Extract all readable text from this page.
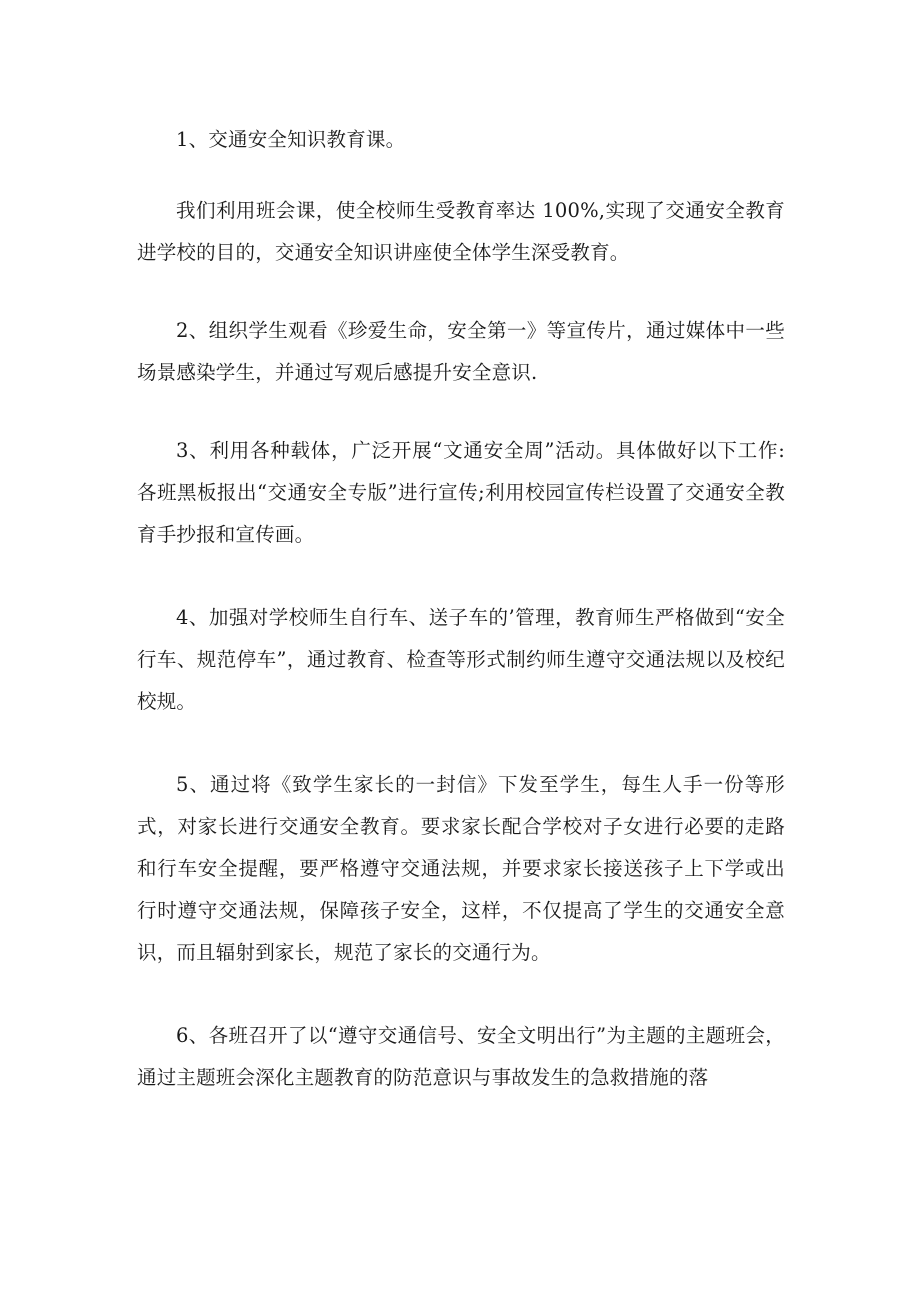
1、交通安全知识教育课。

我们利用班会课，使全校师生受教育率达 100%,实现了交通安全教育进学校的目的，交通安全知识讲座使全体学生深受教育。

2、组织学生观看《珍爱生命，安全第一》等宣传片，通过媒体中一些场景感染学生，并通过写观后感提升安全意识.

3、利用各种载体，广泛开展“文通安全周”活动。具体做好以下工作: 各班黑板报出“交通安全专版”进行宣传;利用校园宣传栏设置了交通安全教育手抄报和宣传画。

4、加强对学校师生自行车、送子车的’管理，教育师生严格做到“安全行车、规范停车”，通过教育、检查等形式制约师生遵守交通法规以及校纪校规。

5、通过将《致学生家长的一封信》下发至学生，每生人手一份等形式，对家长进行交通安全教育。要求家长配合学校对子女进行必要的走路和行车安全提醒，要严格遵守交通法规，并要求家长接送孩子上下学或出行时遵守交通法规，保障孩子安全，这样，不仅提高了学生的交通安全意识，而且辐射到家长，规范了家长的交通行为。

6、各班召开了以“遵守交通信号、安全文明出行”为主题的主题班会，通过主题班会深化主题教育的防范意识与事故发生的急救措施的落
